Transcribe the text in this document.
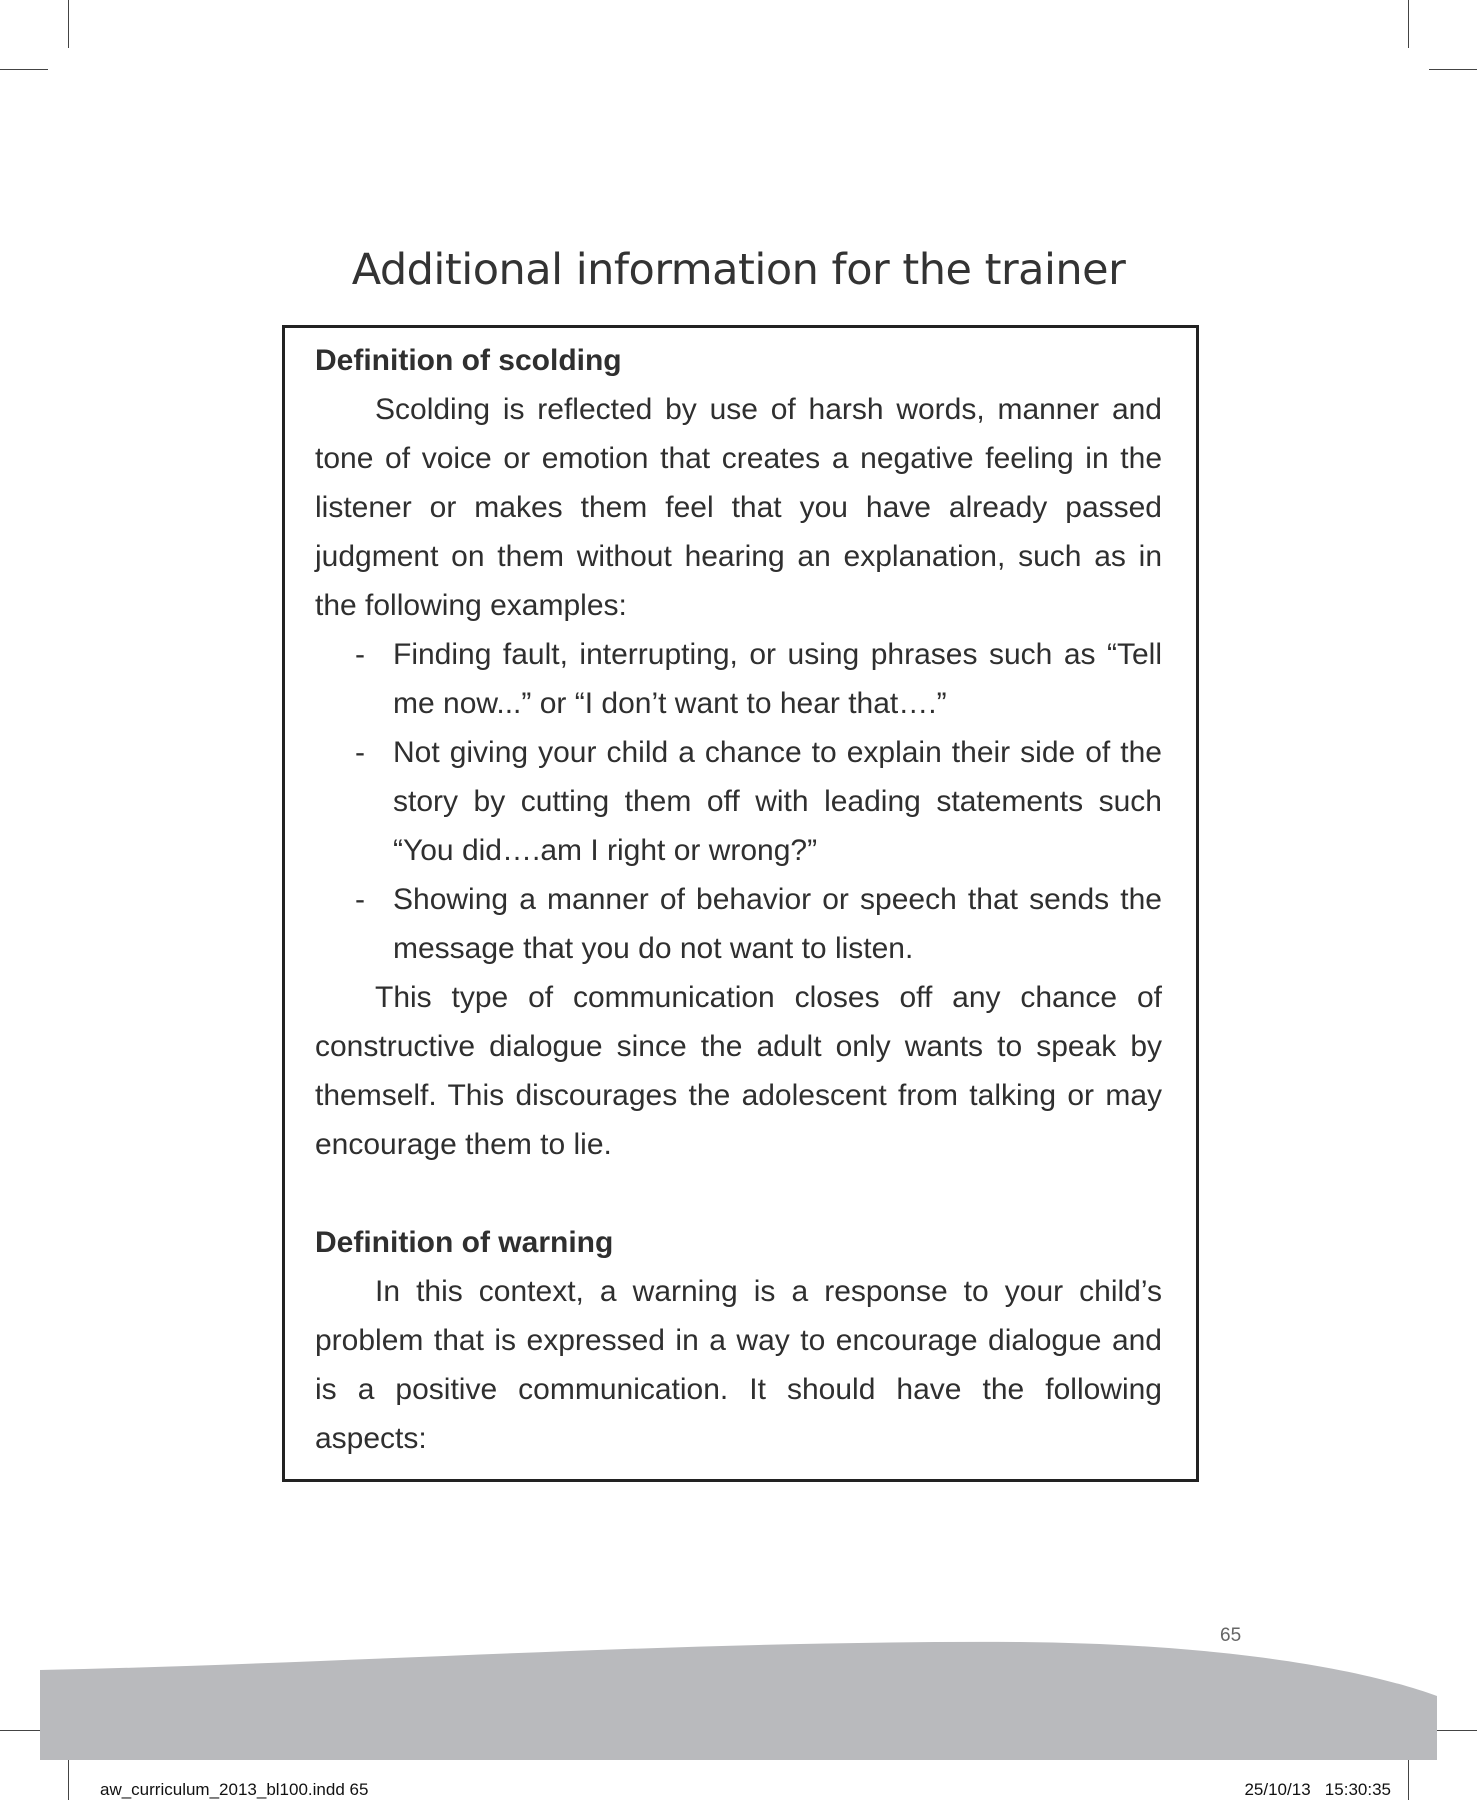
Additional information for the trainer

Definition of scolding

Scolding is reflected by use of harsh words, manner and tone of voice or emotion that creates a negative feeling in the listener or makes them feel that you have already passed judgment on them without hearing an explanation, such as in the following examples:

- Finding fault, interrupting, or using phrases such as “Tell me now...” or “I don’t want to hear that….”
- Not giving your child a chance to explain their side of the story by cutting them off with leading statements such “You did….am I right or wrong?”
- Showing a manner of behavior or speech that sends the message that you do not want to listen.

This type of communication closes off any chance of constructive dialogue since the adult only wants to speak by themself. This discourages the adolescent from talking or may encourage them to lie.

Definition of warning

In this context, a warning is a response to your child’s problem that is expressed in a way to encourage dialogue and is a positive communication. It should have the following aspects:

65
aw_curriculum_2013_bl100.indd 65	25/10/13   15:30:35
